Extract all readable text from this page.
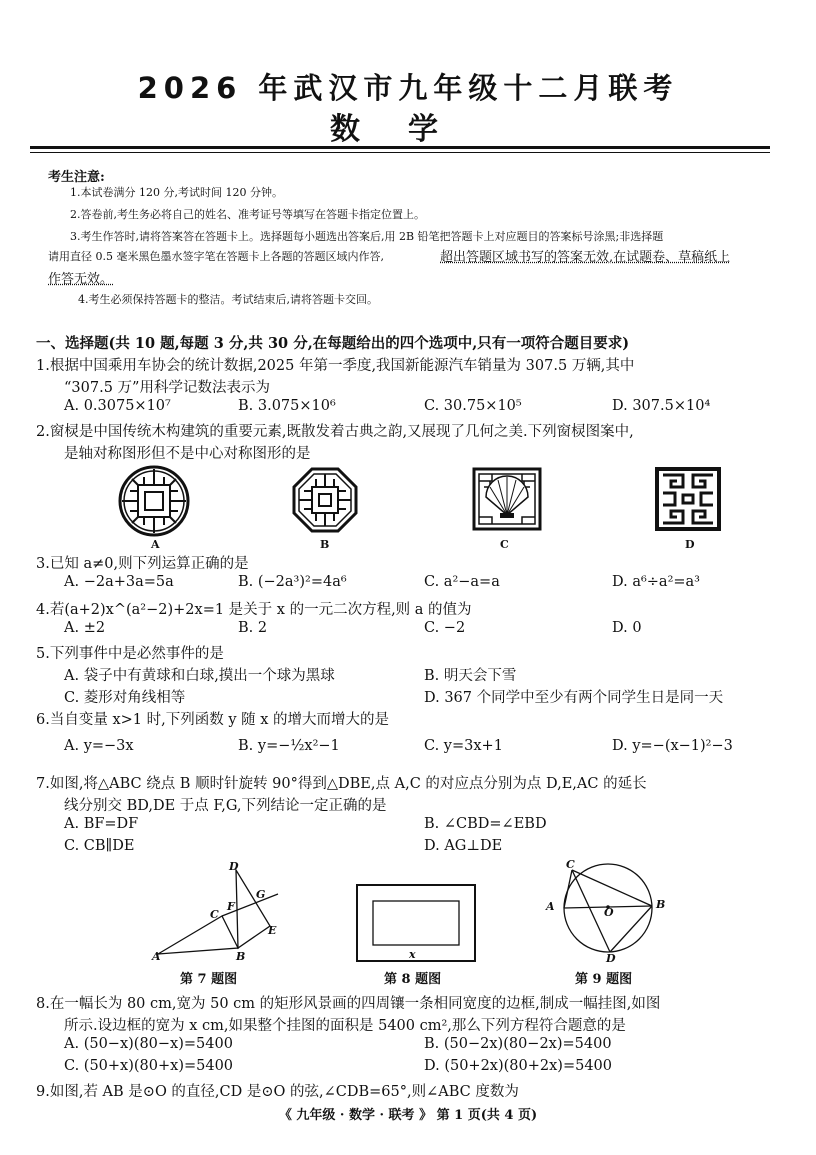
2026 年武汉市九年级十二月联考
数学
考生注意:
1.本试卷满分 120 分,考试时间 120 分钟。
2.答卷前,考生务必将自己的姓名、准考证号等填写在答题卡指定位置上。
3.考生作答时,请将答案答在答题卡上。选择题每小题选出答案后,用 2B 铅笔把答题卡上对应题目的答案标号涂黑;非选择题
请用直径 0.5 毫米黑色墨水签字笔在答题卡上各题的答题区域内作答,	超出答题区域书写的答案无效,在试题卷、草稿纸上
作答无效。
4.考生必须保持答题卡的整洁。考试结束后,请将答题卡交回。
一、选择题(共 10 题,每题 3 分,共 30 分,在每题给出的四个选项中,只有一项符合题目要求)
1.根据中国乘用车协会的统计数据,2025 年第一季度,我国新能源汽车销量为 307.5 万辆,其中
“307.5 万”用科学记数法表示为
A. 0.3075×10⁷	B. 3.075×10⁶	C. 30.75×10⁵	D. 307.5×10⁴
2.窗棂是中国传统木构建筑的重要元素,既散发着古典之韵,又展现了几何之美.下列窗棂图案中,
是轴对称图形但不是中心对称图形的是
A	B	C	D
3.已知 a≠0,则下列运算正确的是
A. −2a+3a=5a	B. (−2a³)²=4a⁶	C. a²−a=a	D. a⁶÷a²=a³
4.若(a+2)x^(a²−2)+2x=1 是关于 x 的一元二次方程,则 a 的值为
A. ±2	B. 2	C. −2	D. 0
5.下列事件中是必然事件的是
A. 袋子中有黄球和白球,摸出一个球为黑球	B. 明天会下雪
C. 菱形对角线相等	D. 367 个同学中至少有两个同学生日是同一天
6.当自变量 x>1 时,下列函数 y 随 x 的增大而增大的是
A. y=−3x	B. y=−½x²−1	C. y=3x+1	D. y=−(x−1)²−3
7.如图,将△ABC 绕点 B 顺时针旋转 90°得到△DBE,点 A,C 的对应点分别为点 D,E,AC 的延长
线分别交 BD,DE 于点 F,G,下列结论一定正确的是
A. BF=DF	B. ∠CBD=∠EBD
C. CB∥DE	D. AG⊥DE
A	B
C
D
E
F
G
第 7 题图
x
第 8 题图
A	B
C
D
O
第 9 题图
8.在一幅长为 80 cm,宽为 50 cm 的矩形风景画的四周镶一条相同宽度的边框,制成一幅挂图,如图
所示.设边框的宽为 x cm,如果整个挂图的面积是 5400 cm²,那么下列方程符合题意的是
A. (50−x)(80−x)=5400	B. (50−2x)(80−2x)=5400
C. (50+x)(80+x)=5400	D. (50+2x)(80+2x)=5400
9.如图,若 AB 是⊙O 的直径,CD 是⊙O 的弦,∠CDB=65°,则∠ABC 度数为
《 九年级 · 数学 · 联考 》 第 1 页(共 4 页)
